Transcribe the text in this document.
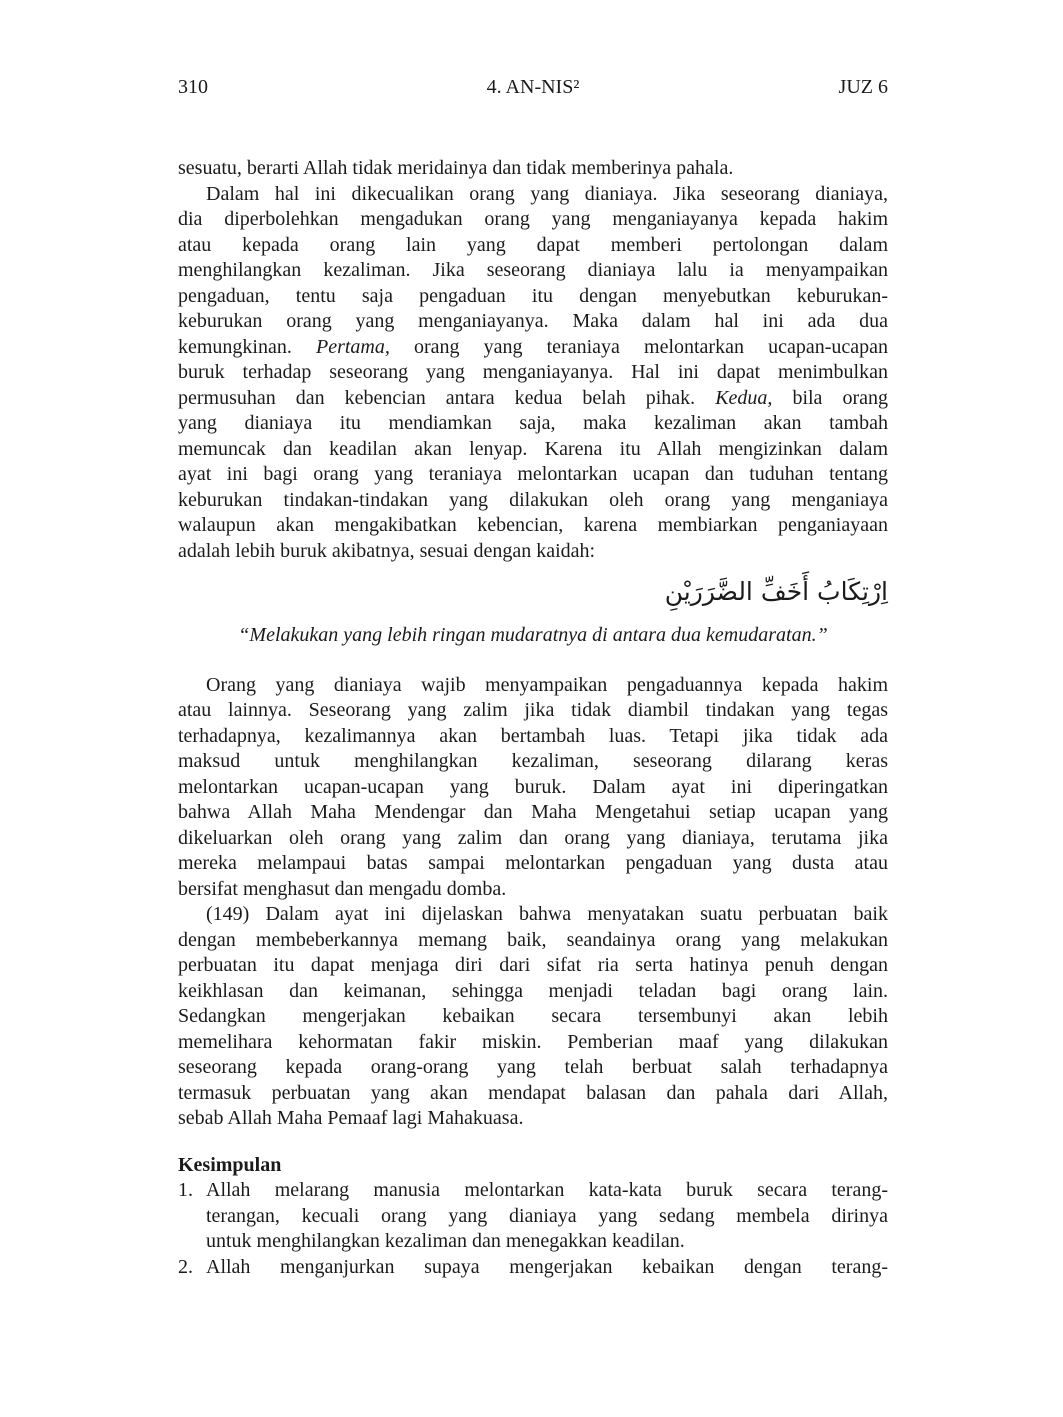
310	4. AN-NIS²	JUZ 6
sesuatu, berarti Allah tidak meridainya dan tidak memberinya pahala.
Dalam hal ini dikecualikan orang yang dianiaya. Jika seseorang dianiaya,
dia diperbolehkan mengadukan orang yang menganiayanya kepada hakim
atau kepada orang lain yang dapat memberi pertolongan dalam
menghilangkan kezaliman. Jika seseorang dianiaya lalu ia menyampaikan
pengaduan, tentu saja pengaduan itu dengan menyebutkan keburukan-
keburukan orang yang menganiayanya. Maka dalam hal ini ada dua
kemungkinan. Pertama, orang yang teraniaya melontarkan ucapan-ucapan
buruk terhadap seseorang yang menganiayanya. Hal ini dapat menimbulkan
permusuhan dan kebencian antara kedua belah pihak. Kedua, bila orang
yang dianiaya itu mendiamkan saja, maka kezaliman akan tambah
memuncak dan keadilan akan lenyap. Karena itu Allah mengizinkan dalam
ayat ini bagi orang yang teraniaya melontarkan ucapan dan tuduhan tentang
keburukan tindakan-tindakan yang dilakukan oleh orang yang menganiaya
walaupun akan mengakibatkan kebencian, karena membiarkan penganiayaan
adalah lebih buruk akibatnya, sesuai dengan kaidah:
اِرْتِكَابُ أَخَفِّ الضَّرَرَيْنِ
“Melakukan yang lebih ringan mudaratnya di antara dua kemudaratan.”
Orang yang dianiaya wajib menyampaikan pengaduannya kepada hakim
atau lainnya. Seseorang yang zalim jika tidak diambil tindakan yang tegas
terhadapnya, kezalimannya akan bertambah luas. Tetapi jika tidak ada
maksud untuk menghilangkan kezaliman, seseorang dilarang keras
melontarkan ucapan-ucapan yang buruk. Dalam ayat ini diperingatkan
bahwa Allah Maha Mendengar dan Maha Mengetahui setiap ucapan yang
dikeluarkan oleh orang yang zalim dan orang yang dianiaya, terutama jika
mereka melampaui batas sampai melontarkan pengaduan yang dusta atau
bersifat menghasut dan mengadu domba.
(149) Dalam ayat ini dijelaskan bahwa menyatakan suatu perbuatan baik
dengan membeberkannya memang baik, seandainya orang yang melakukan
perbuatan itu dapat menjaga diri dari sifat ria serta hatinya penuh dengan
keikhlasan dan keimanan, sehingga menjadi teladan bagi orang lain.
Sedangkan mengerjakan kebaikan secara tersembunyi akan lebih
memelihara kehormatan fakir miskin. Pemberian maaf yang dilakukan
seseorang kepada orang-orang yang telah berbuat salah terhadapnya
termasuk perbuatan yang akan mendapat balasan dan pahala dari Allah,
sebab Allah Maha Pemaaf lagi Mahakuasa.
Kesimpulan
1. Allah melarang manusia melontarkan kata-kata buruk secara terang-
terangan, kecuali orang yang dianiaya yang sedang membela dirinya
untuk menghilangkan kezaliman dan menegakkan keadilan.
2. Allah menganjurkan supaya mengerjakan kebaikan dengan terang-
